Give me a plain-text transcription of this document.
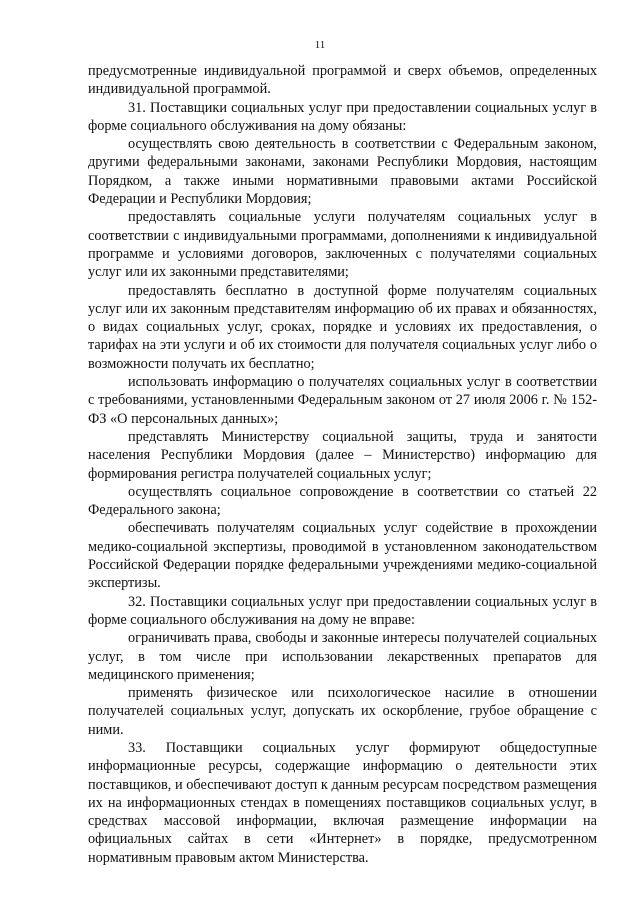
11

предусмотренные индивидуальной программой и сверх объемов, определенных индивидуальной программой.

31. Поставщики социальных услуг при предоставлении социальных услуг в форме социального обслуживания на дому обязаны:

осуществлять свою деятельность в соответствии с Федеральным законом, другими федеральными законами, законами Республики Мордовия, настоящим Порядком, а также иными нормативными правовыми актами Российской Федерации и Республики Мордовия;

предоставлять социальные услуги получателям социальных услуг в соответствии с индивидуальными программами, дополнениями к индивидуальной программе и условиями договоров, заключенных с получателями социальных услуг или их законными представителями;

предоставлять бесплатно в доступной форме получателям социальных услуг или их законным представителям информацию об их правах и обязанностях, о видах социальных услуг, сроках, порядке и условиях их предоставления, о тарифах на эти услуги и об их стоимости для получателя социальных услуг либо о возможности получать их бесплатно;

использовать информацию о получателях социальных услуг в соответствии с требованиями, установленными Федеральным законом от 27 июля 2006 г. № 152-ФЗ «О персональных данных»;

представлять Министерству социальной защиты, труда и занятости населения Республики Мордовия (далее – Министерство) информацию для формирования регистра получателей социальных услуг;

осуществлять социальное сопровождение в соответствии со статьей 22 Федерального закона;

обеспечивать получателям социальных услуг содействие в прохождении медико-социальной экспертизы, проводимой в установленном законодательством Российской Федерации порядке федеральными учреждениями медико-социальной экспертизы.

32. Поставщики социальных услуг при предоставлении социальных услуг в форме социального обслуживания на дому не вправе:

ограничивать права, свободы и законные интересы получателей социальных услуг, в том числе при использовании лекарственных препаратов для медицинского применения;

применять физическое или психологическое насилие в отношении получателей социальных услуг, допускать их оскорбление, грубое обращение с ними.

33. Поставщики социальных услуг формируют общедоступные информационные ресурсы, содержащие информацию о деятельности этих поставщиков, и обеспечивают доступ к данным ресурсам посредством размещения их на информационных стендах в помещениях поставщиков социальных услуг, в средствах массовой информации, включая размещение информации на официальных сайтах в сети «Интернет» в порядке, предусмотренном нормативным правовым актом Министерства.
